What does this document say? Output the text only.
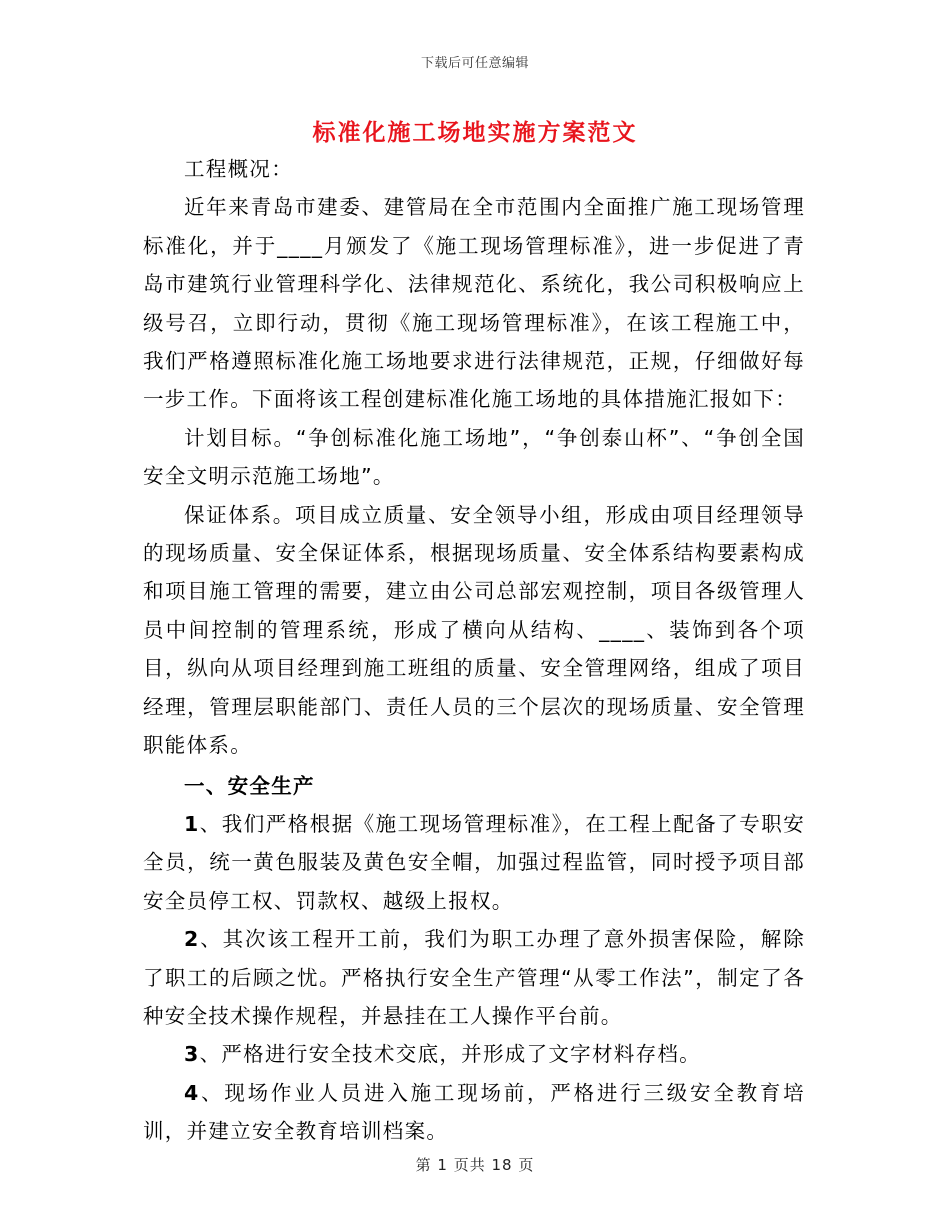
下载后可任意编辑
标准化施工场地实施方案范文

工程概况：

近年来青岛市建委、建管局在全市范围内全面推广施工现场管理标准化，并于____月颁发了《施工现场管理标准》，进一步促进了青岛市建筑行业管理科学化、法律规范化、系统化，我公司积极响应上级号召，立即行动，贯彻《施工现场管理标准》，在该工程施工中，我们严格遵照标准化施工场地要求进行法律规范，正规，仔细做好每一步工作。下面将该工程创建标准化施工场地的具体措施汇报如下：

计划目标。“争创标准化施工场地”，“争创泰山杯”、“争创全国安全文明示范施工场地”。

保证体系。项目成立质量、安全领导小组，形成由项目经理领导的现场质量、安全保证体系，根据现场质量、安全体系结构要素构成和项目施工管理的需要，建立由公司总部宏观控制，项目各级管理人员中间控制的管理系统，形成了横向从结构、____、装饰到各个项目，纵向从项目经理到施工班组的质量、安全管理网络，组成了项目经理，管理层职能部门、责任人员的三个层次的现场质量、安全管理职能体系。

一、安全生产

1、我们严格根据《施工现场管理标准》，在工程上配备了专职安全员，统一黄色服装及黄色安全帽，加强过程监管，同时授予项目部安全员停工权、罚款权、越级上报权。

2、其次该工程开工前，我们为职工办理了意外损害保险，解除了职工的后顾之忧。严格执行安全生产管理“从零工作法”，制定了各种安全技术操作规程，并悬挂在工人操作平台前。

3、严格进行安全技术交底，并形成了文字材料存档。

4、现场作业人员进入施工现场前，严格进行三级安全教育培训，并建立安全教育培训档案。

第 1 页共 18 页
